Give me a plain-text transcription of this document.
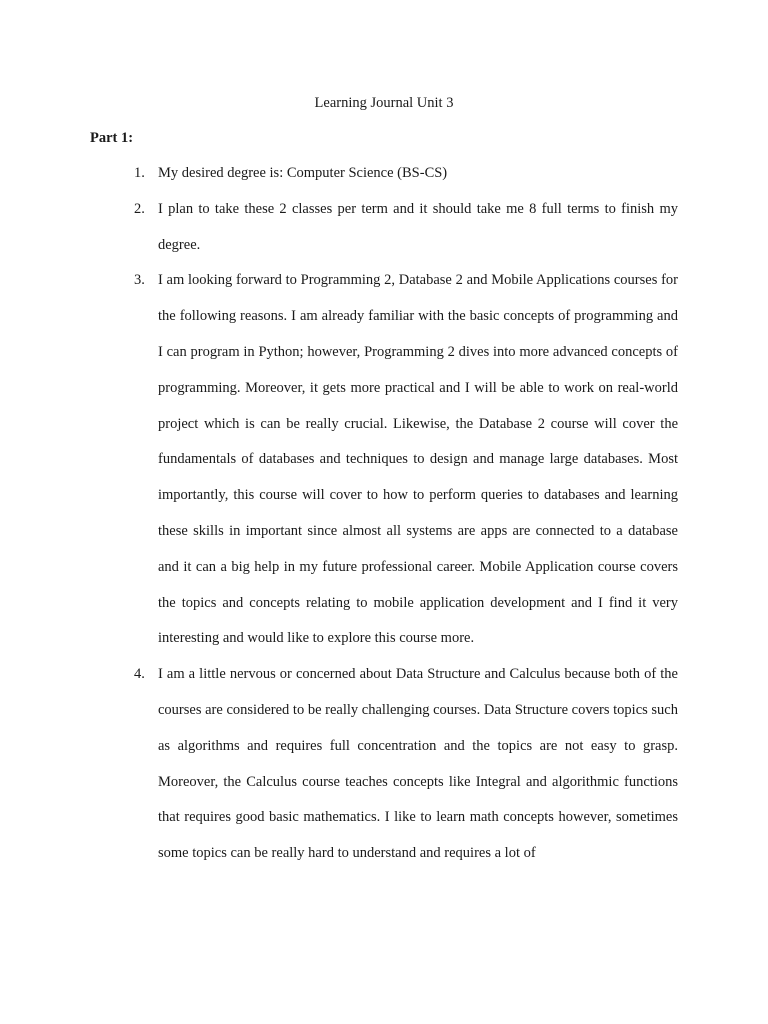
Learning Journal Unit 3
Part 1:
1. My desired degree is: Computer Science (BS-CS)
2. I plan to take these 2 classes per term and it should take me 8 full terms to finish my degree.
3. I am looking forward to Programming 2, Database 2 and Mobile Applications courses for the following reasons. I am already familiar with the basic concepts of programming and I can program in Python; however, Programming 2 dives into more advanced concepts of programming. Moreover, it gets more practical and I will be able to work on real-world project which is can be really crucial. Likewise, the Database 2 course will cover the fundamentals of databases and techniques to design and manage large databases. Most importantly, this course will cover to how to perform queries to databases and learning these skills in important since almost all systems are apps are connected to a database and it can a big help in my future professional career. Mobile Application course covers the topics and concepts relating to mobile application development and I find it very interesting and would like to explore this course more.
4. I am a little nervous or concerned about Data Structure and Calculus because both of the courses are considered to be really challenging courses. Data Structure covers topics such as algorithms and requires full concentration and the topics are not easy to grasp. Moreover, the Calculus course teaches concepts like Integral and algorithmic functions that requires good basic mathematics. I like to learn math concepts however, sometimes some topics can be really hard to understand and requires a lot of
